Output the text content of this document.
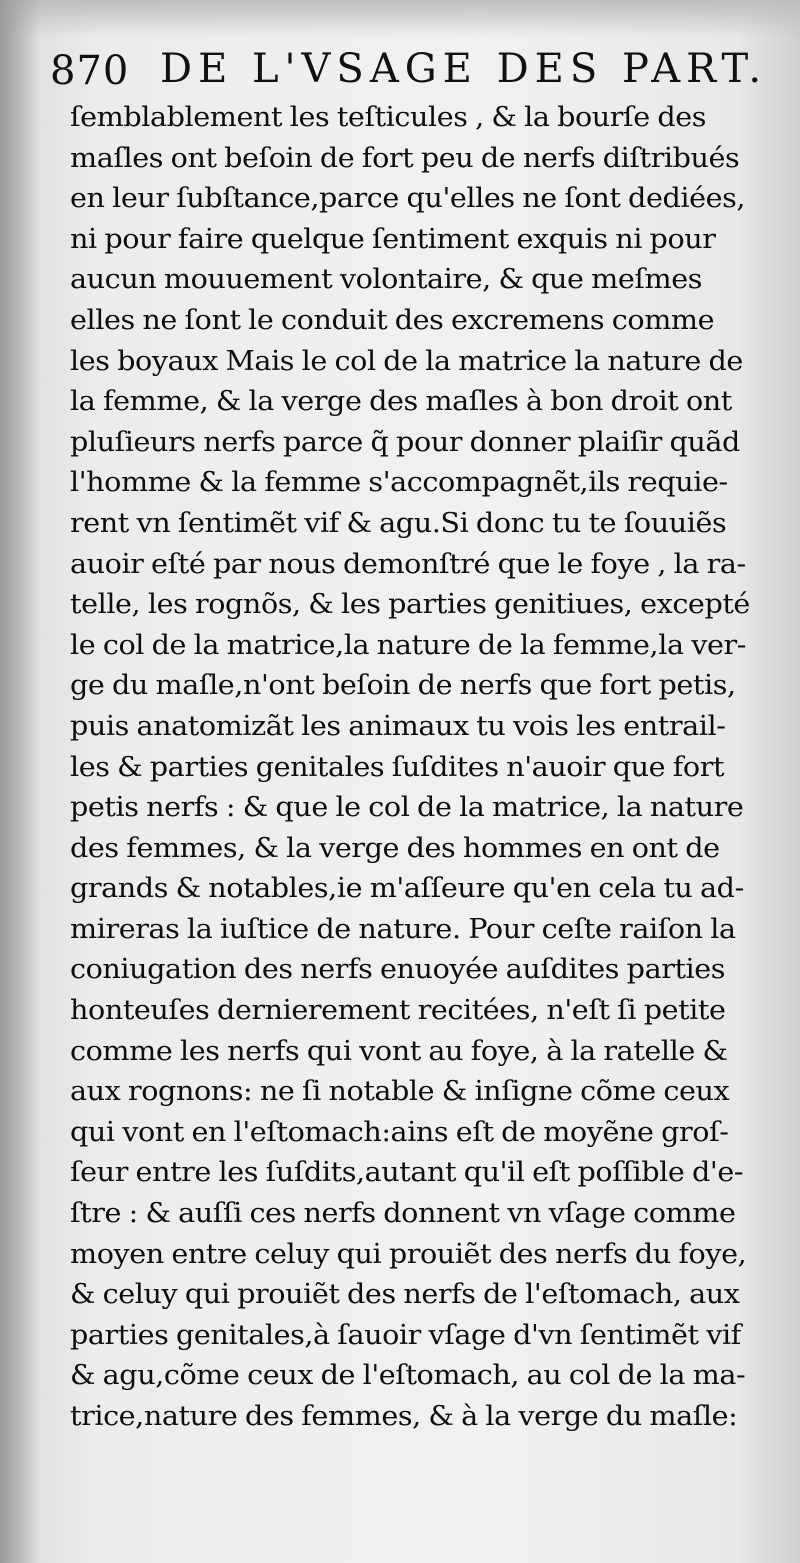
870 DE L'VSAGE DES PART.
ſemblablement les teſticules , & la bourſe des
maſles ont beſoin de fort peu de nerfs diſtribués
en leur ſubſtance,parce qu'elles ne ſont dediées,
ni pour faire quelque ſentiment exquis ni pour
aucun mouuement volontaire, & que meſmes
elles ne ſont le conduit des excremens comme
les boyaux Mais le col de la matrice la nature de
la femme, & la verge des maſles à bon droit ont
pluſieurs nerfs parce q̃ pour donner plaiſir quãd
l'homme & la femme s'accompagnẽt,ils requie-
rent vn ſentimẽt vif & agu.Si donc tu te ſouuiẽs
auoir eſté par nous demonſtré que le foye , la ra-
telle, les rognõs, & les parties genitiues, excepté
le col de la matrice,la nature de la femme,la ver-
ge du maſle,n'ont beſoin de nerfs que fort petis,
puis anatomizãt les animaux tu vois les entrail-
les & parties genitales ſuſdites n'auoir que fort
petis nerfs : & que le col de la matrice, la nature
des femmes, & la verge des hommes en ont de
grands & notables,ie m'aſſeure qu'en cela tu ad-
mireras la iuſtice de nature. Pour ceſte raiſon la
coniugation des nerfs enuoyée auſdites parties
honteuſes dernierement recitées, n'eſt ſi petite
comme les nerfs qui vont au foye, à la ratelle &
aux rognons: ne ſi notable & inſigne cõme ceux
qui vont en l'eſtomach:ains eſt de moyẽne groſ-
ſeur entre les ſuſdits,autant qu'il eſt poſſible d'e-
ſtre : & auſſi ces nerfs donnent vn vſage comme
moyen entre celuy qui prouiẽt des nerfs du foye,
& celuy qui prouiẽt des nerfs de l'eſtomach, aux
parties genitales,à ſauoir vſage d'vn ſentimẽt vif
& agu,cõme ceux de l'eſtomach, au col de la ma-
trice,nature des femmes, & à la verge du maſle:
